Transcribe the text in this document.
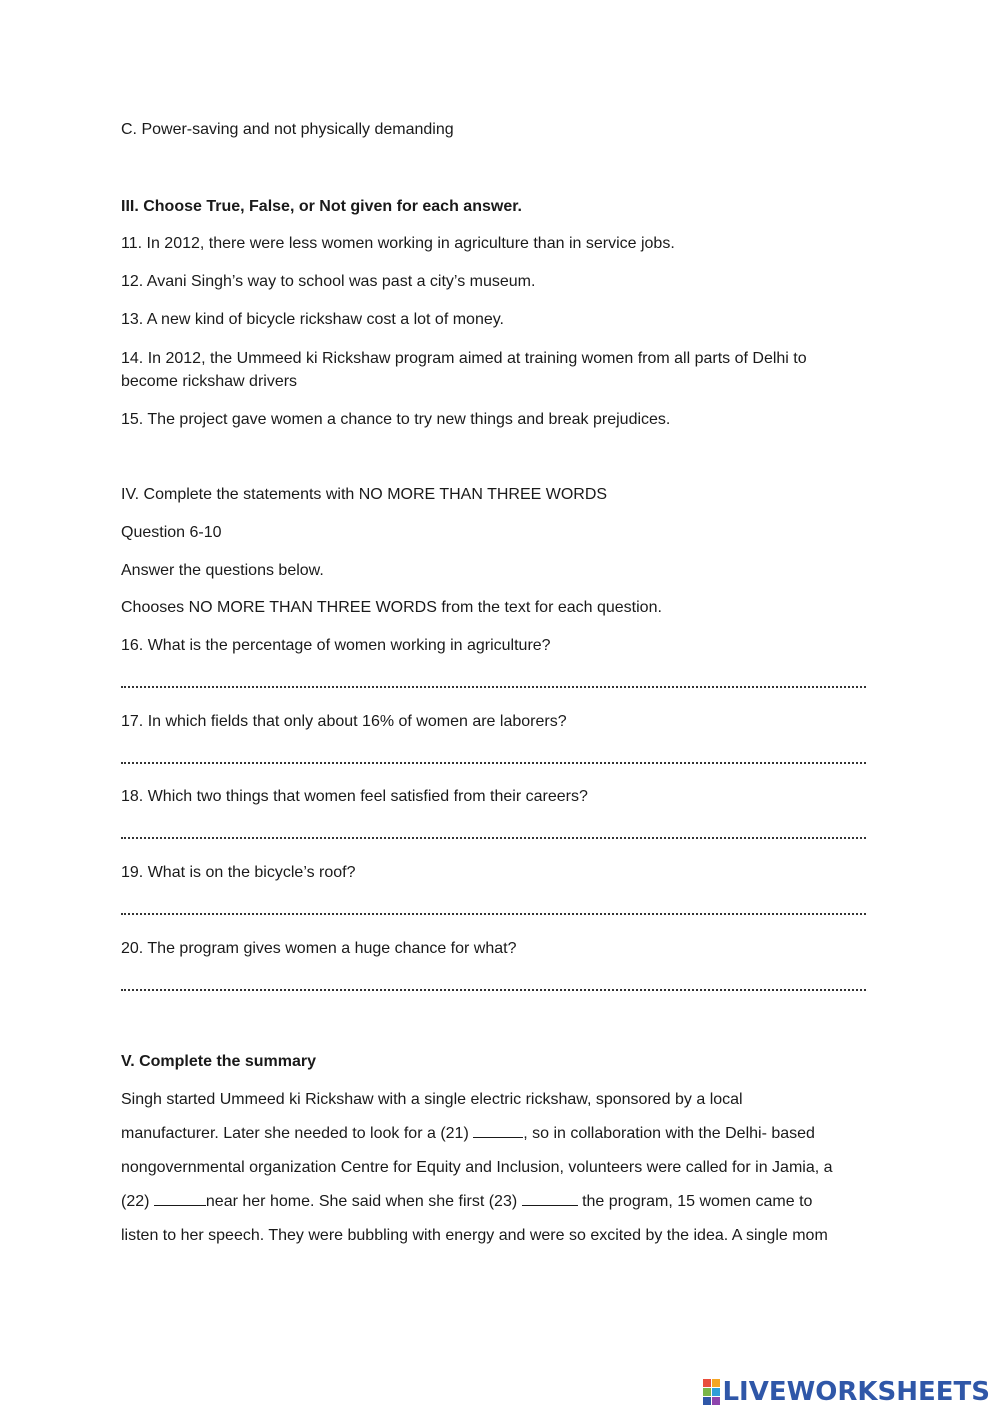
C. Power-saving and not physically demanding
III. Choose True, False, or Not given for each answer.
11. In 2012, there were less women working in agriculture than in service jobs.
12. Avani Singh’s way to school was past a city’s museum.
13. A new kind of bicycle rickshaw cost a lot of money.
14. In 2012, the Ummeed ki Rickshaw program aimed at training women from all parts of Delhi to
become rickshaw drivers
15. The project gave women a chance to try new things and break prejudices.
IV. Complete the statements with NO MORE THAN THREE WORDS
Question 6-10
Answer the questions below.
Chooses NO MORE THAN THREE WORDS from the text for each question.
16. What is the percentage of women working in agriculture?
17. In which fields that only about 16% of women are laborers?
18. Which two things that women feel satisfied from their careers?
19. What is on the bicycle’s roof?
20. The program gives women a huge chance for what?
V. Complete the summary

Singh started Ummeed ki Rickshaw with a single electric rickshaw, sponsored by a local

manufacturer. Later she needed to look for a (21)	, so in collaboration with the Delhi- based

nongovernmental organization Centre for Equity and Inclusion, volunteers were called for in Jamia, a

(22)	near her home. She said when she first (23)	the program, 15 women came to

listen to her speech. They were bubbling with energy and were so excited by the idea. A single mom

LIVEWORKSHEETS
